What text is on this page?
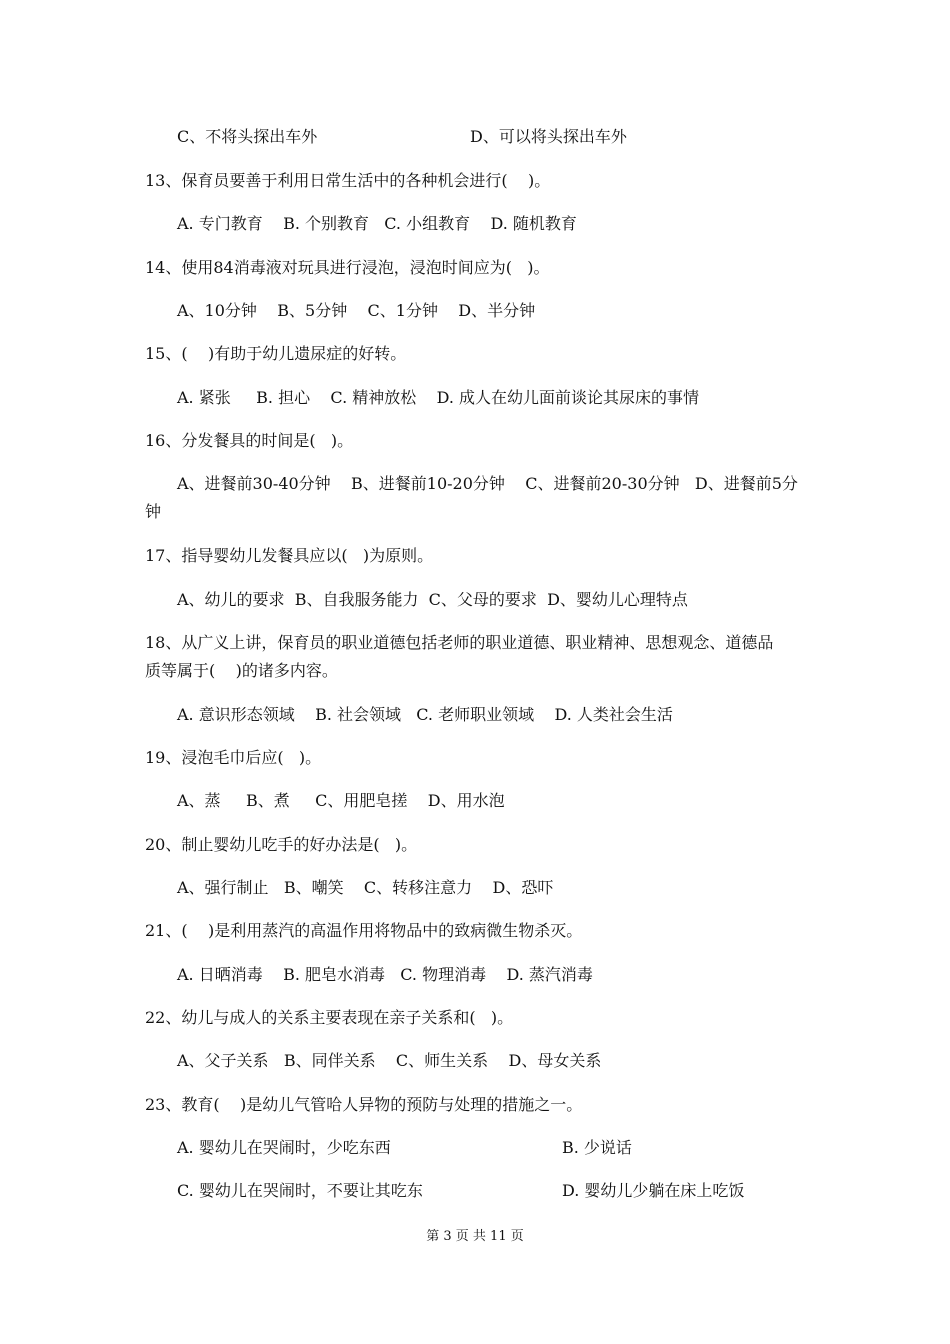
C、不将头探出车外	D、可以将头探出车外
13、保育员要善于利用日常生活中的各种机会进行(    )。
A. 专门教育    B. 个别教育   C. 小组教育    D. 随机教育
14、使用84消毒液对玩具进行浸泡，浸泡时间应为(   )。
A、10分钟    B、5分钟    C、1分钟    D、半分钟
15、(    )有助于幼儿遗尿症的好转。
A. 紧张     B. 担心    C. 精神放松    D. 成人在幼儿面前谈论其尿床的事情
16、分发餐具的时间是(   )。
A、进餐前30-40分钟    B、进餐前10-20分钟    C、进餐前20-30分钟   D、进餐前5分
钟
17、指导婴幼儿发餐具应以(   )为原则。
A、幼儿的要求  B、自我服务能力  C、父母的要求  D、婴幼儿心理特点
18、从广义上讲，保育员的职业道德包括老师的职业道德、职业精神、思想观念、道德品
质等属于(    )的诸多内容。
A. 意识形态领域    B. 社会领域   C. 老师职业领域    D. 人类社会生活
19、浸泡毛巾后应(   )。
A、蒸     B、煮     C、用肥皂搓    D、用水泡
20、制止婴幼儿吃手的好办法是(   )。
A、强行制止   B、嘲笑    C、转移注意力    D、恐吓
21、(    )是利用蒸汽的高温作用将物品中的致病微生物杀灭。
A. 日晒消毒    B. 肥皂水消毒   C. 物理消毒    D. 蒸汽消毒
22、幼儿与成人的关系主要表现在亲子关系和(   )。
A、父子关系   B、同伴关系    C、师生关系    D、母女关系
23、教育(    )是幼儿气管哈人异物的预防与处理的措施之一。
A. 婴幼儿在哭闹时，少吃东西	B. 少说话
C. 婴幼儿在哭闹时，不要让其吃东	D. 婴幼儿少躺在床上吃饭
第 3 页 共 11 页
